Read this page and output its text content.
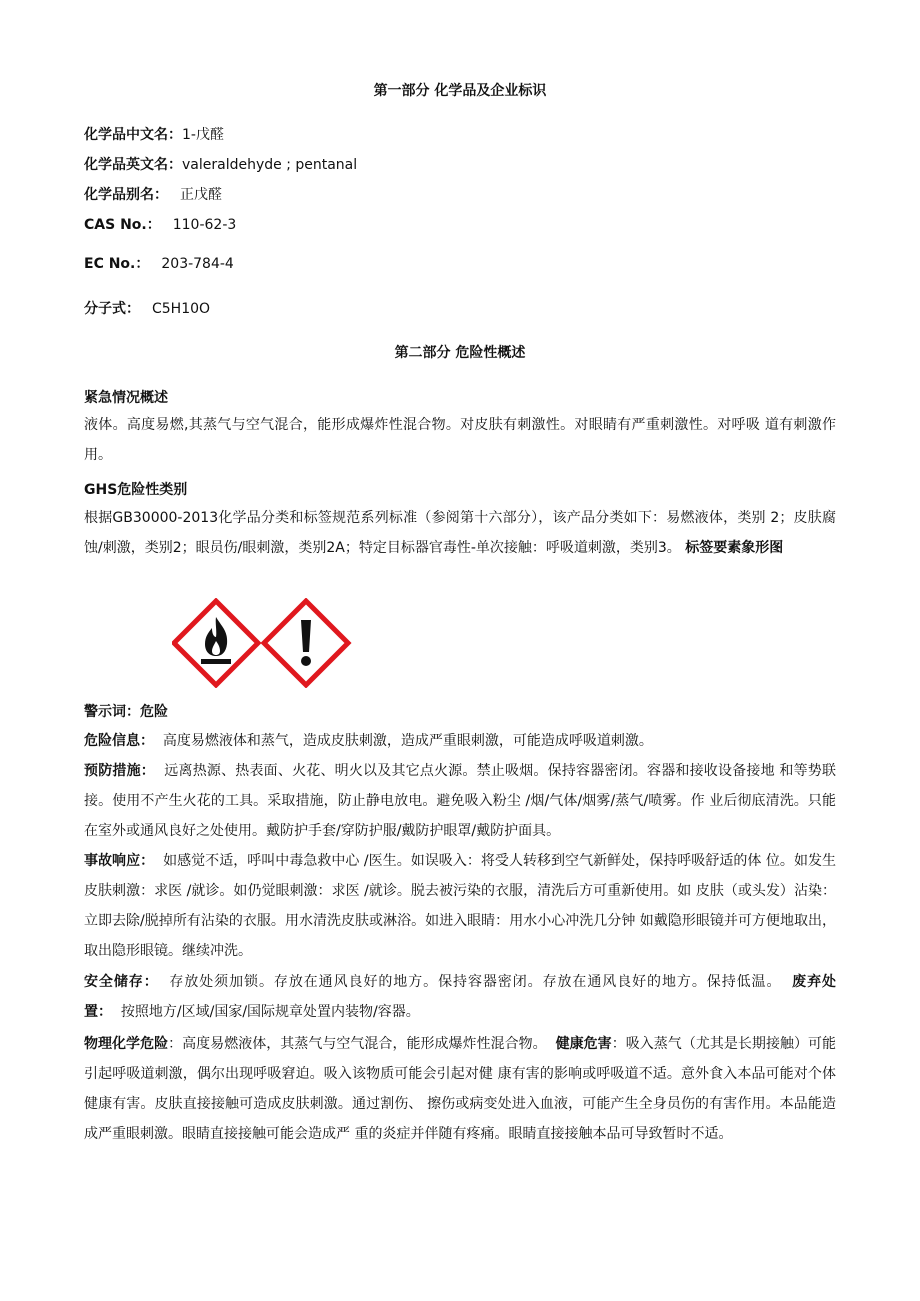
第一部分 化学品及企业标识
化学品中文名：1-戊醛
化学品英文名：valeraldehyde ; pentanal
化学品别名： 正戊醛
CAS No.： 110-62-3
EC No.： 203-784-4
分子式： C5H10O
第二部分 危险性概述
紧急情况概述
液体。高度易燃,其蒸气与空气混合，能形成爆炸性混合物。对皮肤有刺激性。对眼睛有严重刺激性。对呼吸 道有刺激作用。
GHS危险性类别
根据GB30000-2013化学品分类和标签规范系列标准（参阅第十六部分），该产品分类如下：易燃液体，类别 2；皮肤腐蚀/刺激，类别2；眼员伤/眼刺激，类别2A；特定目标器官毒性-单次接触：呼吸道刺激，类别3。 标签要素象形图
警示词：危险
危险信息： 高度易燃液体和蒸气，造成皮肤刺激，造成严重眼刺激，可能造成呼吸道刺激。
预防措施： 远离热源、热表面、火花、明火以及其它点火源。禁止吸烟。保持容器密闭。容器和接收设备接地 和等势联接。使用不产生火花的工具。采取措施，防止静电放电。避免吸入粉尘 /烟/气体/烟雾/蒸气/喷雾。作 业后彻底清洗。只能在室外或通风良好之处使用。戴防护手套/穿防护服/戴防护眼罩/戴防护面具。
事故响应： 如感觉不适，呼叫中毒急救中心 /医生。如误吸入：将受人转移到空气新鲜处，保持呼吸舒适的体 位。如发生皮肤刺激：求医 /就诊。如仍觉眼刺激：求医 /就诊。脱去被污染的衣服，清洗后方可重新使用。如 皮肤（或头发）沾染：立即去除/脱掉所有沾染的衣服。用水清洗皮肤或淋浴。如进入眼睛：用水小心冲洗几分钟 如戴隐形眼镜并可方便地取出，取出隐形眼镜。继续冲洗。
安全储存： 存放处须加锁。存放在通风良好的地方。保持容器密闭。存放在通风良好的地方。保持低温。 废弃处置： 按照地方/区域/国家/国际规章处置内装物/容器。
物理化学危险：高度易燃液体，其蒸气与空气混合，能形成爆炸性混合物。 健康危害：吸入蒸气（尤其是长期接触）可能引起呼吸道刺激，偶尔出现呼吸窘迫。吸入该物质可能会引起对健 康有害的影响或呼吸道不适。意外食入本品可能对个体健康有害。皮肤直接接触可造成皮肤刺激。通过割伤、 擦伤或病变处进入血液，可能产生全身员伤的有害作用。本品能造成严重眼刺激。眼睛直接接触可能会造成严 重的炎症并伴随有疼痛。眼睛直接接触本品可导致暂时不适。
